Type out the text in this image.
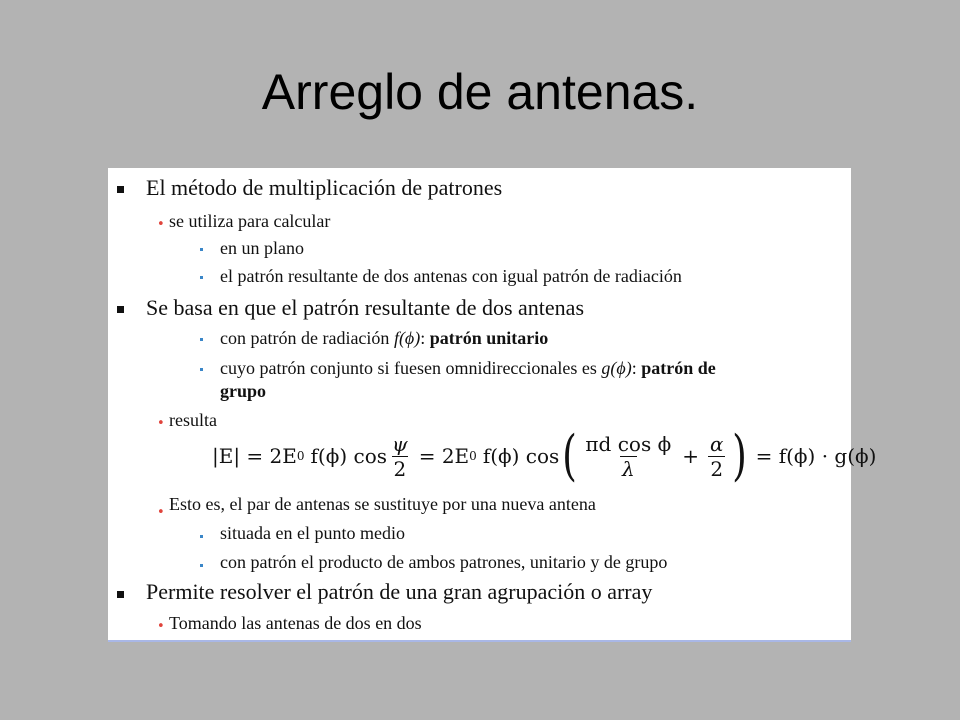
Arreglo de antenas.
El método de multiplicación de patrones
• se utiliza para calcular
en un plano
el patrón resultante de dos antenas con igual patrón de radiación
Se basa en que el patrón resultante de dos antenas
con patrón de radiación f(ϕ): patrón unitario
cuyo patrón conjunto si fuesen omnidireccionales es g(ϕ): patrón de
grupo
• resulta
|E| = 2E 0 f(ϕ) $\cos \frac{\psi}{2} = 2E$ 0 f(ϕ) cos ( $\frac{\text{πd cos ϕ}}{\lambda} + \frac{\alpha}{2}$ ) = f(ϕ) · g(ϕ)
• Esto es, el par de antenas se sustituye por una nueva antena
situada en el punto medio
con patrón el producto de ambos patrones, unitario y de grupo
Permite resolver el patrón de una gran agrupación o array
• Tomando las antenas de dos en dos
